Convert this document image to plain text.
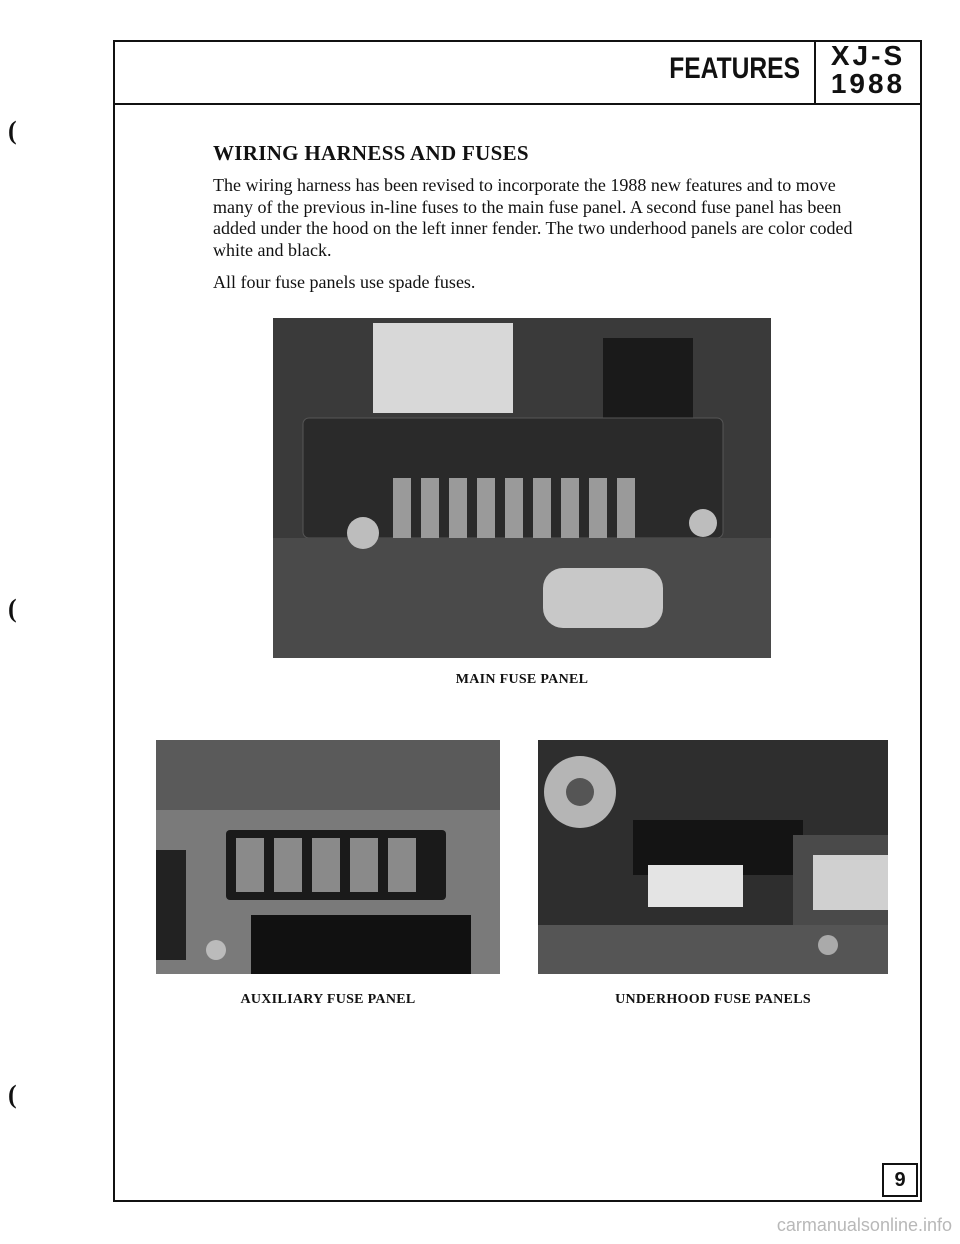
(
(
(
FEATURES	XJ-S
1988
WIRING HARNESS AND FUSES

The wiring harness has been revised to incorporate the 1988 new features and to move many of the previous in-line fuses to the main fuse panel. A second fuse panel has been added under the hood on the left inner fender. The two underhood panels are color coded white and black.

All four fuse panels use spade fuses.

MAIN FUSE PANEL
AUXILIARY FUSE PANEL	UNDERHOOD FUSE PANELS
9
carmanualsonline.info
